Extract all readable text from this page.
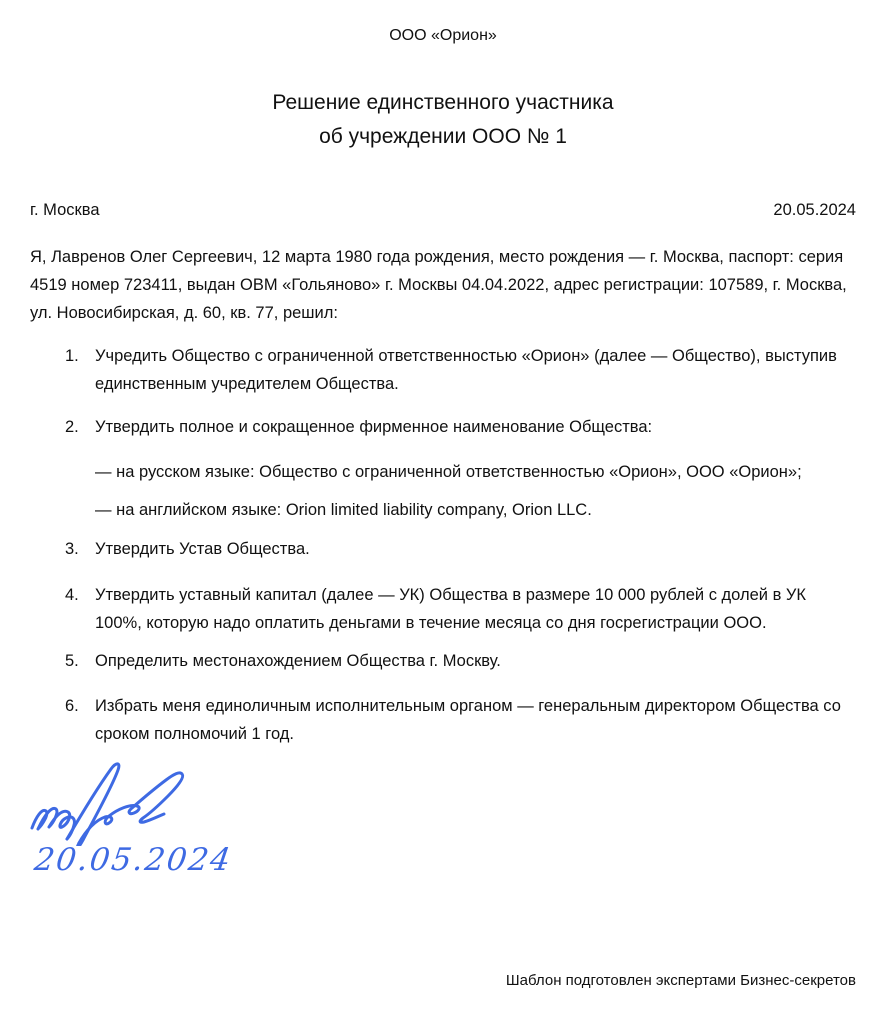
ООО «Орион»
Решение единственного участника
об учреждении ООО № 1
г. Москва	20.05.2024
Я, Лавренов Олег Сергеевич, 12 марта 1980 года рождения, место рождения — г. Москва, паспорт: серия 4519 номер 723411, выдан ОВМ «Гольяново» г. Москвы 04.04.2022, адрес регистрации: 107589, г. Москва, ул. Новосибирская, д. 60, кв. 77, решил:
1. Учредить Общество с ограниченной ответственностью «Орион» (далее — Общество), выступив единственным учредителем Общества.
2. Утвердить полное и сокращенное фирменное наименование Общества:
— на русском языке: Общество с ограниченной ответственностью «Орион», ООО «Орион»;
— на английском языке: Orion limited liability company, Orion LLC.
3. Утвердить Устав Общества.
4. Утвердить уставный капитал (далее — УК) Общества в размере 10 000 рублей с долей в УК 100%, которую надо оплатить деньгами в течение месяца со дня госрегистрации ООО.
5. Определить местонахождением Общества г. Москву.
6. Избрать меня единоличным исполнительным органом — генеральным директором Общества со сроком полномочий 1 год.
20.05.2024
Шаблон подготовлен экспертами Бизнес-секретов
